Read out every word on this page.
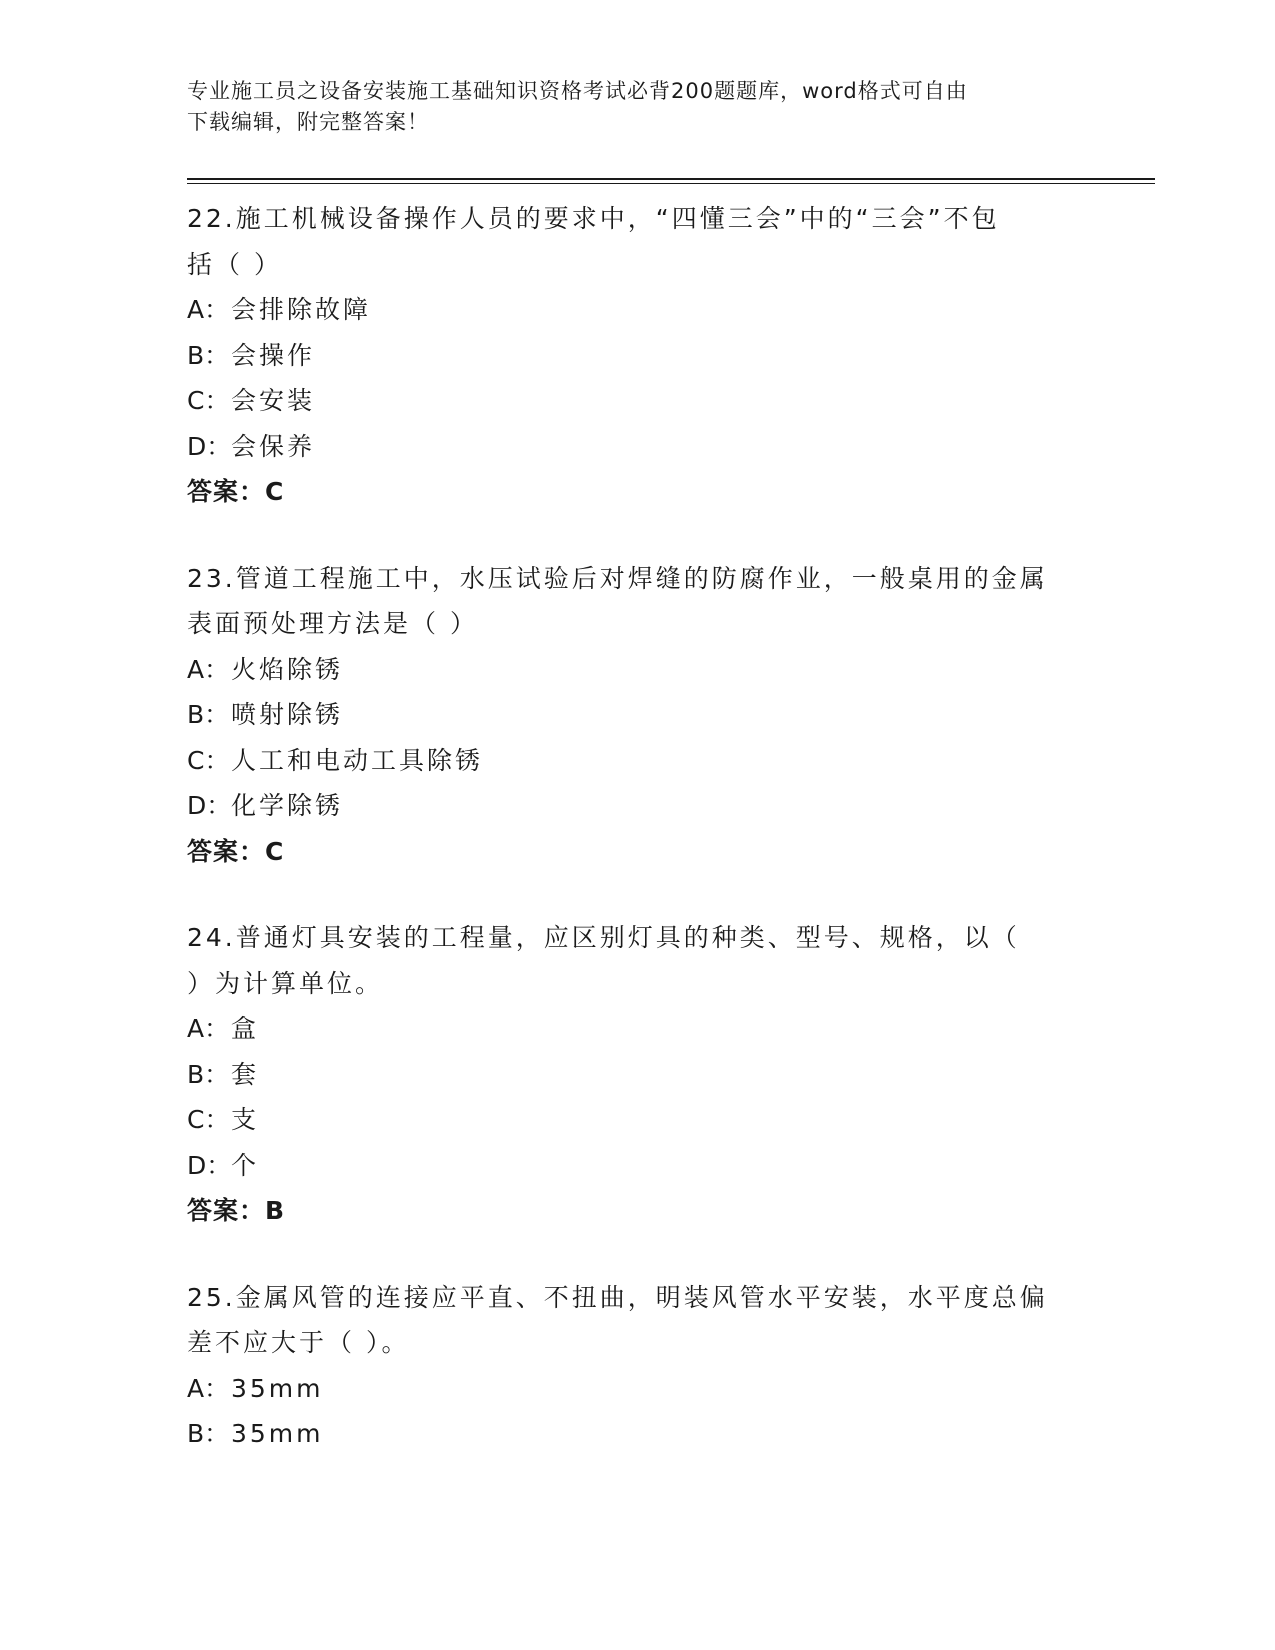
专业施工员之设备安装施工基础知识资格考试必背200题题库，word格式可自由

下载编辑，附完整答案！

22.施工机械设备操作人员的要求中，“四懂三会”中的“三会”不包

括（ ）

A：会排除故障

B：会操作

C：会安装

D：会保养

答案：C

23.管道工程施工中，水压试验后对焊缝的防腐作业，一般桌用的金属

表面预处理方法是（ ）

A：火焰除锈

B：喷射除锈

C：人工和电动工具除锈

D：化学除锈

答案：C

24.普通灯具安装的工程量，应区别灯具的种类、型号、规格，以（

）为计算单位。

A：盒

B：套

C：支

D：个

答案：B

25.金属风管的连接应平直、不扭曲，明装风管水平安装，水平度总偏

差不应大于（ ）。

A：35mm

B：35mm
